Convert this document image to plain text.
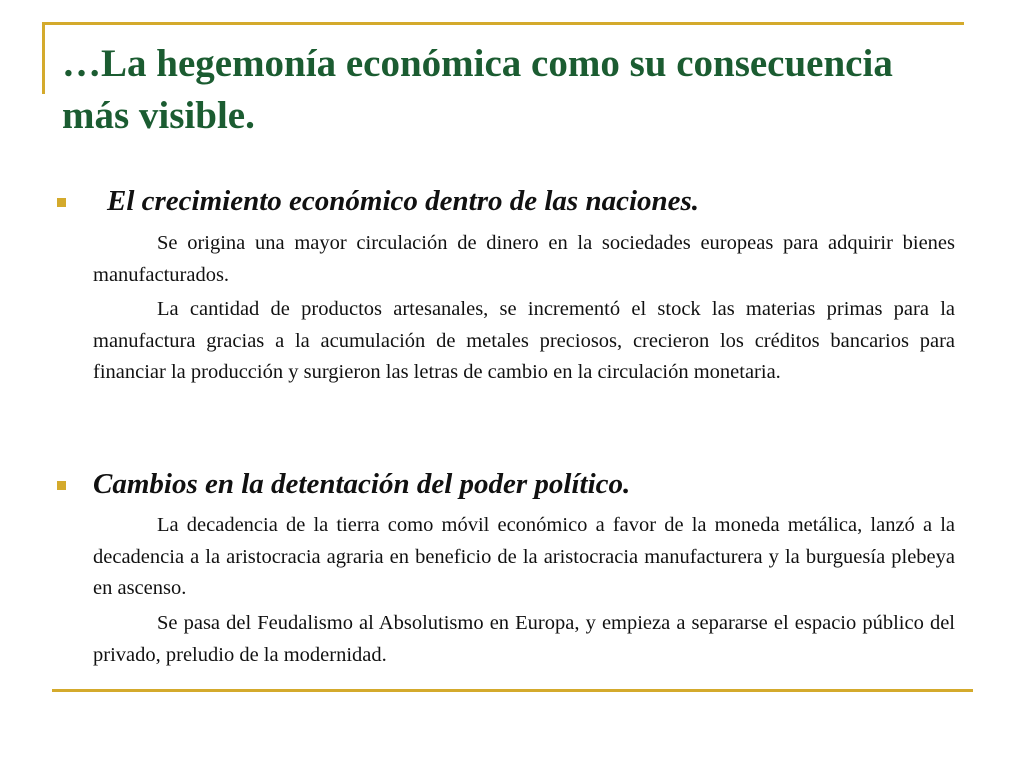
…La hegemonía económica como su consecuencia más visible.
El crecimiento económico dentro de las naciones.

Se origina una mayor circulación de dinero en la sociedades europeas para adquirir bienes manufacturados.

La cantidad de productos artesanales, se incrementó el stock las materias primas para la manufactura gracias a la acumulación de metales preciosos, crecieron los créditos bancarios para financiar la producción y surgieron las letras de cambio en la circulación monetaria.

Cambios en la detentación del poder político.

La decadencia de la tierra como móvil económico a favor de la moneda metálica, lanzó a la decadencia a la aristocracia agraria en beneficio de la aristocracia manufacturera y la burguesía plebeya en ascenso.

Se pasa del Feudalismo al Absolutismo en Europa, y empieza a separarse el espacio público del privado, preludio de la modernidad.
